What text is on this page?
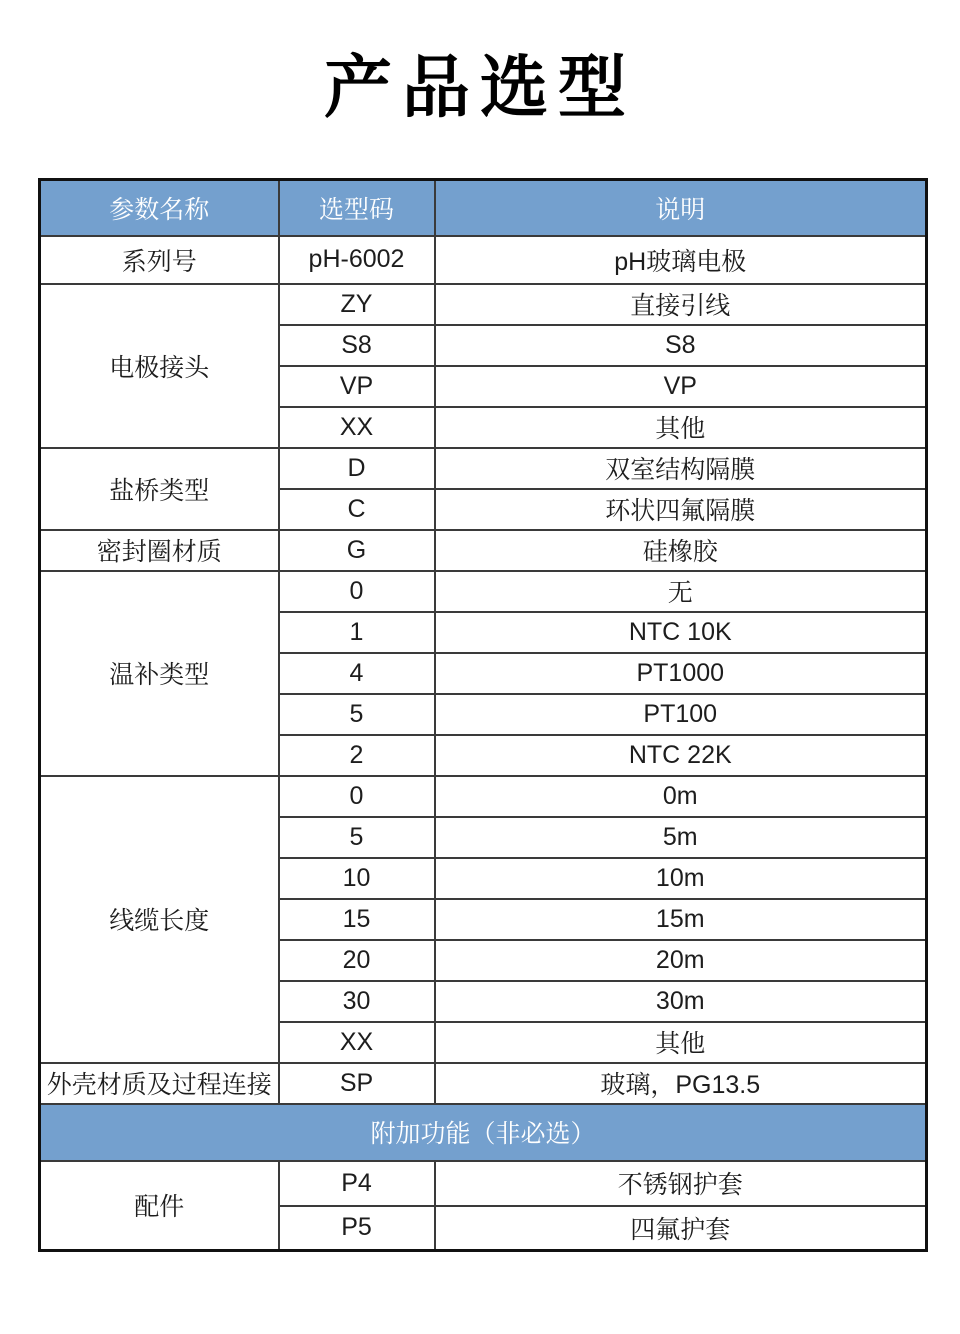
产品选型
参数名称	选型码	说明
系列号	pH-6002	pH玻璃电极
电极接头	ZY	直接引线
	S8	S8
	VP	VP
	XX	其他
盐桥类型	D	双室结构隔膜
	C	环状四氟隔膜
密封圈材质	G	硅橡胶
温补类型	0	无
	1	NTC 10K
	4	PT1000
	5	PT100
	2	NTC 22K
线缆长度	0	0m
	5	5m
	10	10m
	15	15m
	20	20m
	30	30m
	XX	其他
外壳材质及过程连接	SP	玻璃，PG13.5
附加功能（非必选）		
配件	P4	不锈钢护套
	P5	四氟护套
